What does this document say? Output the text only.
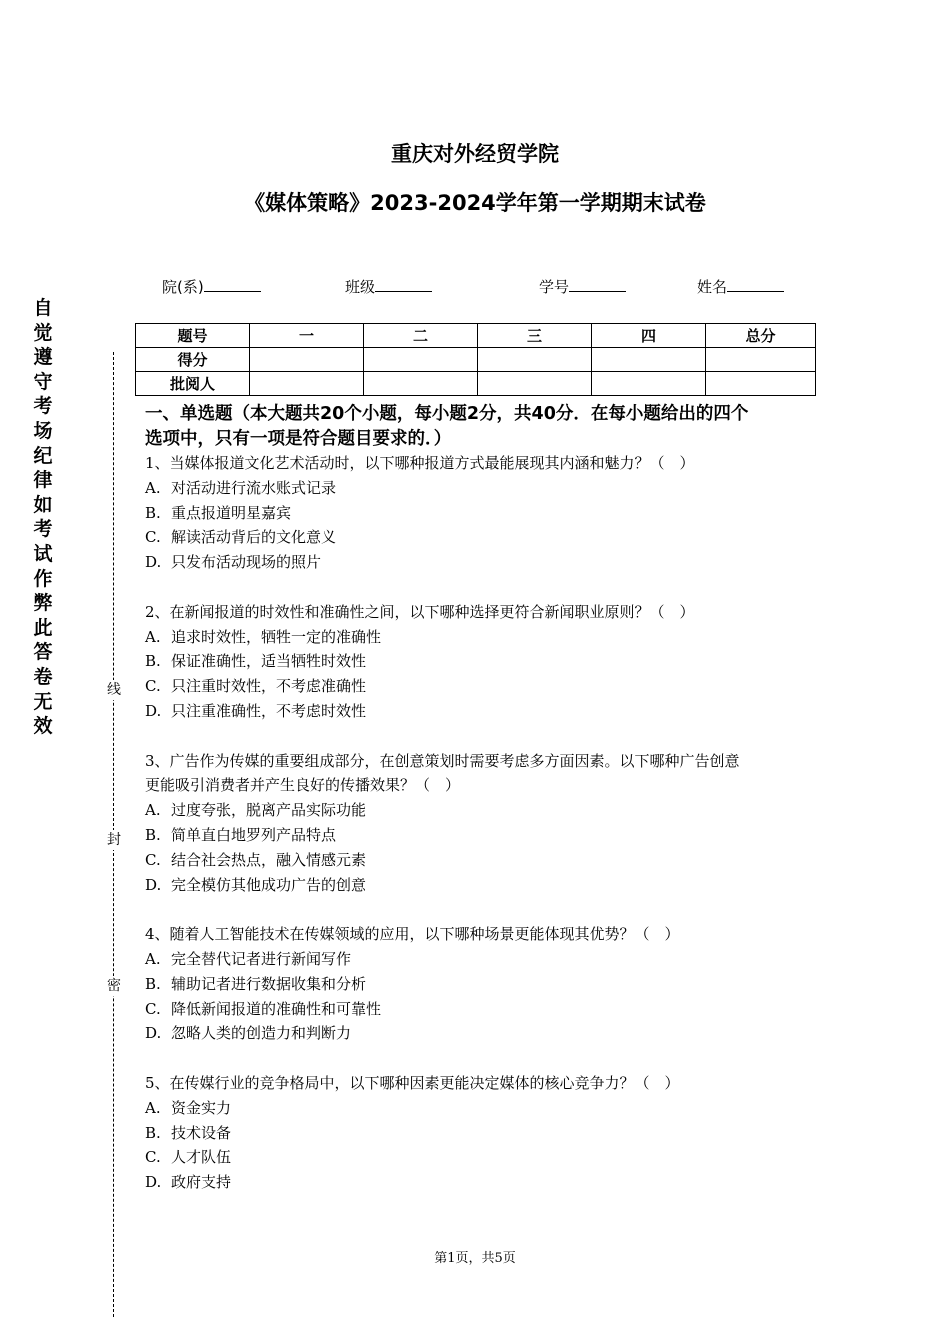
重庆对外经贸学院
《媒体策略》2023-2024学年第一学期期末试卷
院(系)	班级	学号	姓名
题号	一	二	三	四	总分
得分					
批阅人					
自觉遵守考场纪律如考试作弊此答卷无效
线
封
密
一、单选题（本大题共20个小题，每小题2分，共40分．在每小题给出的四个
选项中，只有一项是符合题目要求的．）
1、当媒体报道文化艺术活动时，以下哪种报道方式最能展现其内涵和魅力？（　）
A. 对活动进行流水账式记录
B. 重点报道明星嘉宾
C. 解读活动背后的文化意义
D. 只发布活动现场的照片
2、在新闻报道的时效性和准确性之间，以下哪种选择更符合新闻职业原则？（　）
A. 追求时效性，牺牲一定的准确性
B. 保证准确性，适当牺牲时效性
C. 只注重时效性，不考虑准确性
D. 只注重准确性，不考虑时效性
3、广告作为传媒的重要组成部分，在创意策划时需要考虑多方面因素。以下哪种广告创意
更能吸引消费者并产生良好的传播效果？（　）
A. 过度夸张，脱离产品实际功能
B. 简单直白地罗列产品特点
C. 结合社会热点，融入情感元素
D. 完全模仿其他成功广告的创意
4、随着人工智能技术在传媒领域的应用，以下哪种场景更能体现其优势？（　）
A. 完全替代记者进行新闻写作
B. 辅助记者进行数据收集和分析
C. 降低新闻报道的准确性和可靠性
D. 忽略人类的创造力和判断力
5、在传媒行业的竞争格局中，以下哪种因素更能决定媒体的核心竞争力？（　）
A. 资金实力
B. 技术设备
C. 人才队伍
D. 政府支持
第1页，共5页
